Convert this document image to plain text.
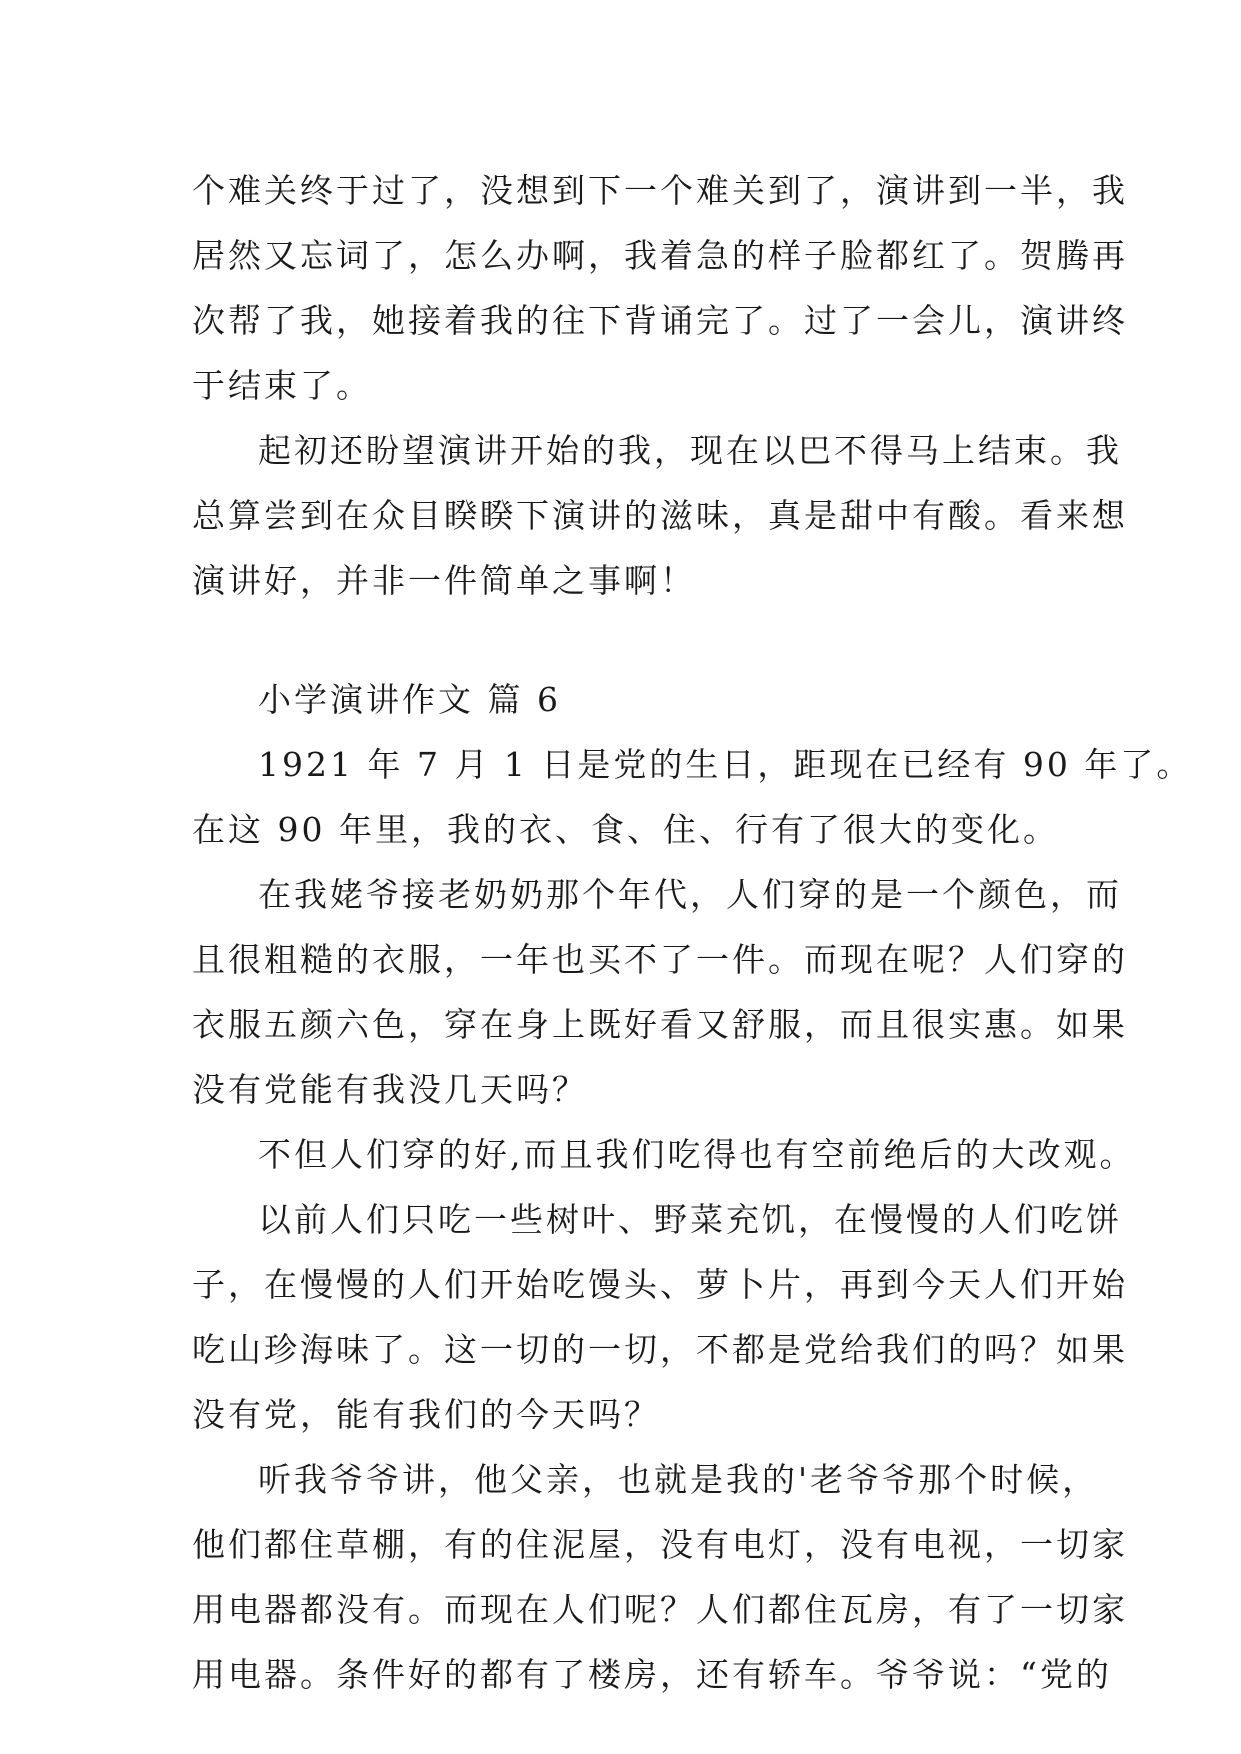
个难关终于过了，没想到下一个难关到了，演讲到一半，我
居然又忘词了，怎么办啊，我着急的样子脸都红了。贺腾再
次帮了我，她接着我的往下背诵完了。过了一会儿，演讲终
于结束了。
起初还盼望演讲开始的我，现在以巴不得马上结束。我
总算尝到在众目睽睽下演讲的滋味，真是甜中有酸。看来想
演讲好，并非一件简单之事啊！
小学演讲作文 篇 6
1921 年 7 月 1 日是党的生日，距现在已经有 90 年了。
在这 90 年里，我的衣、食、住、行有了很大的变化。
在我姥爷接老奶奶那个年代，人们穿的是一个颜色，而
且很粗糙的衣服，一年也买不了一件。而现在呢？人们穿的
衣服五颜六色，穿在身上既好看又舒服，而且很实惠。如果
没有党能有我没几天吗？
不但人们穿的好,而且我们吃得也有空前绝后的大改观。
以前人们只吃一些树叶、野菜充饥，在慢慢的人们吃饼
子，在慢慢的人们开始吃馒头、萝卜片，再到今天人们开始
吃山珍海味了。这一切的一切，不都是党给我们的吗？如果
没有党，能有我们的今天吗？
听我爷爷讲，他父亲，也就是我的'老爷爷那个时候，
他们都住草棚，有的住泥屋，没有电灯，没有电视，一切家
用电器都没有。而现在人们呢？人们都住瓦房，有了一切家
用电器。条件好的都有了楼房，还有轿车。爷爷说：“党的
